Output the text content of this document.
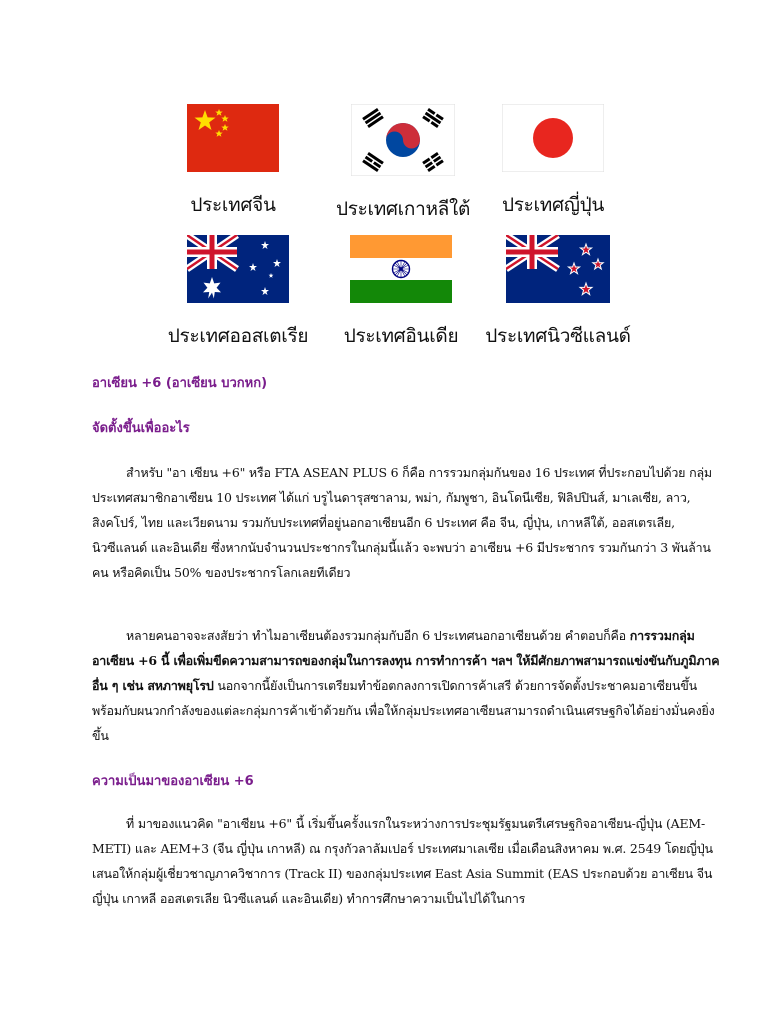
ประเทศจีน	ประเทศเกาหลีใต้	ประเทศญี่ปุ่น
ประเทศออสเตเรีย	ประเทศอินเดีย	ประเทศนิวซีแลนด์
อาเซียน +6 (อาเซียน บวกหก)
จัดตั้งขึ้นเพื่ออะไร

สำหรับ "อา เซียน +6" หรือ FTA ASEAN PLUS 6 ก็คือ การรวมกลุ่มกันของ 16 ประเทศ ที่ประกอบไปด้วย กลุ่มประเทศสมาชิกอาเซียน 10 ประเทศ ได้แก่ บรูไนดารุสซาลาม, พม่า, กัมพูชา, อินโดนีเซีย, ฟิลิปปินส์, มาเลเซีย, ลาว, สิงคโปร์, ไทย และเวียดนาม รวมกับประเทศที่อยู่นอกอาเซียนอีก 6 ประเทศ คือ จีน, ญี่ปุ่น, เกาหลีใต้, ออสเตรเลีย, นิวซีแลนด์ และอินเดีย ซึ่งหากนับจำนวนประชากรในกลุ่มนี้แล้ว จะพบว่า อาเซียน +6 มีประชากร รวมกันกว่า 3 พันล้านคน หรือคิดเป็น 50% ของประชากรโลกเลยทีเดียว

หลายคนอาจจะสงสัยว่า ทำไมอาเซียนต้องรวมกลุ่มกับอีก 6 ประเทศนอกอาเซียนด้วย คำตอบก็คือ การรวมกลุ่มอาเซียน +6 นี้ เพื่อเพิ่มขีดความสามารถของกลุ่มในการลงทุน การทำการค้า ฯลฯ ให้มีศักยภาพสามารถแข่งขันกับภูมิภาคอื่น ๆ เช่น สหภาพยุโรป นอกจากนี้ยังเป็นการเตรียมทำข้อตกลงการเปิดการค้าเสรี ด้วยการจัดตั้งประชาคมอาเซียนขึ้น พร้อมกับผนวกกำลังของแต่ละกลุ่มการค้าเข้าด้วยกัน เพื่อให้กลุ่มประเทศอาเซียนสามารถดำเนินเศรษฐกิจได้อย่างมั่นคงยิ่งขึ้น

ความเป็นมาของอาเซียน +6

ที่ มาของแนวคิด "อาเซียน +6" นี้ เริ่มขึ้นครั้งแรกในระหว่างการประชุมรัฐมนตรีเศรษฐกิจอาเซียน-ญี่ปุ่น (AEM-METI) และ AEM+3 (จีน ญี่ปุ่น เกาหลี) ณ กรุงกัวลาลัมเปอร์ ประเทศมาเลเซีย เมื่อเดือนสิงหาคม พ.ศ. 2549 โดยญี่ปุ่นเสนอให้กลุ่มผู้เชี่ยวชาญภาควิชาการ (Track II) ของกลุ่มประเทศ East Asia Summit (EAS ประกอบด้วย อาเซียน จีน ญี่ปุ่น เกาหลี ออสเตรเลีย นิวซีแลนด์ และอินเดีย) ทำการศึกษาความเป็นไปได้ในการ
